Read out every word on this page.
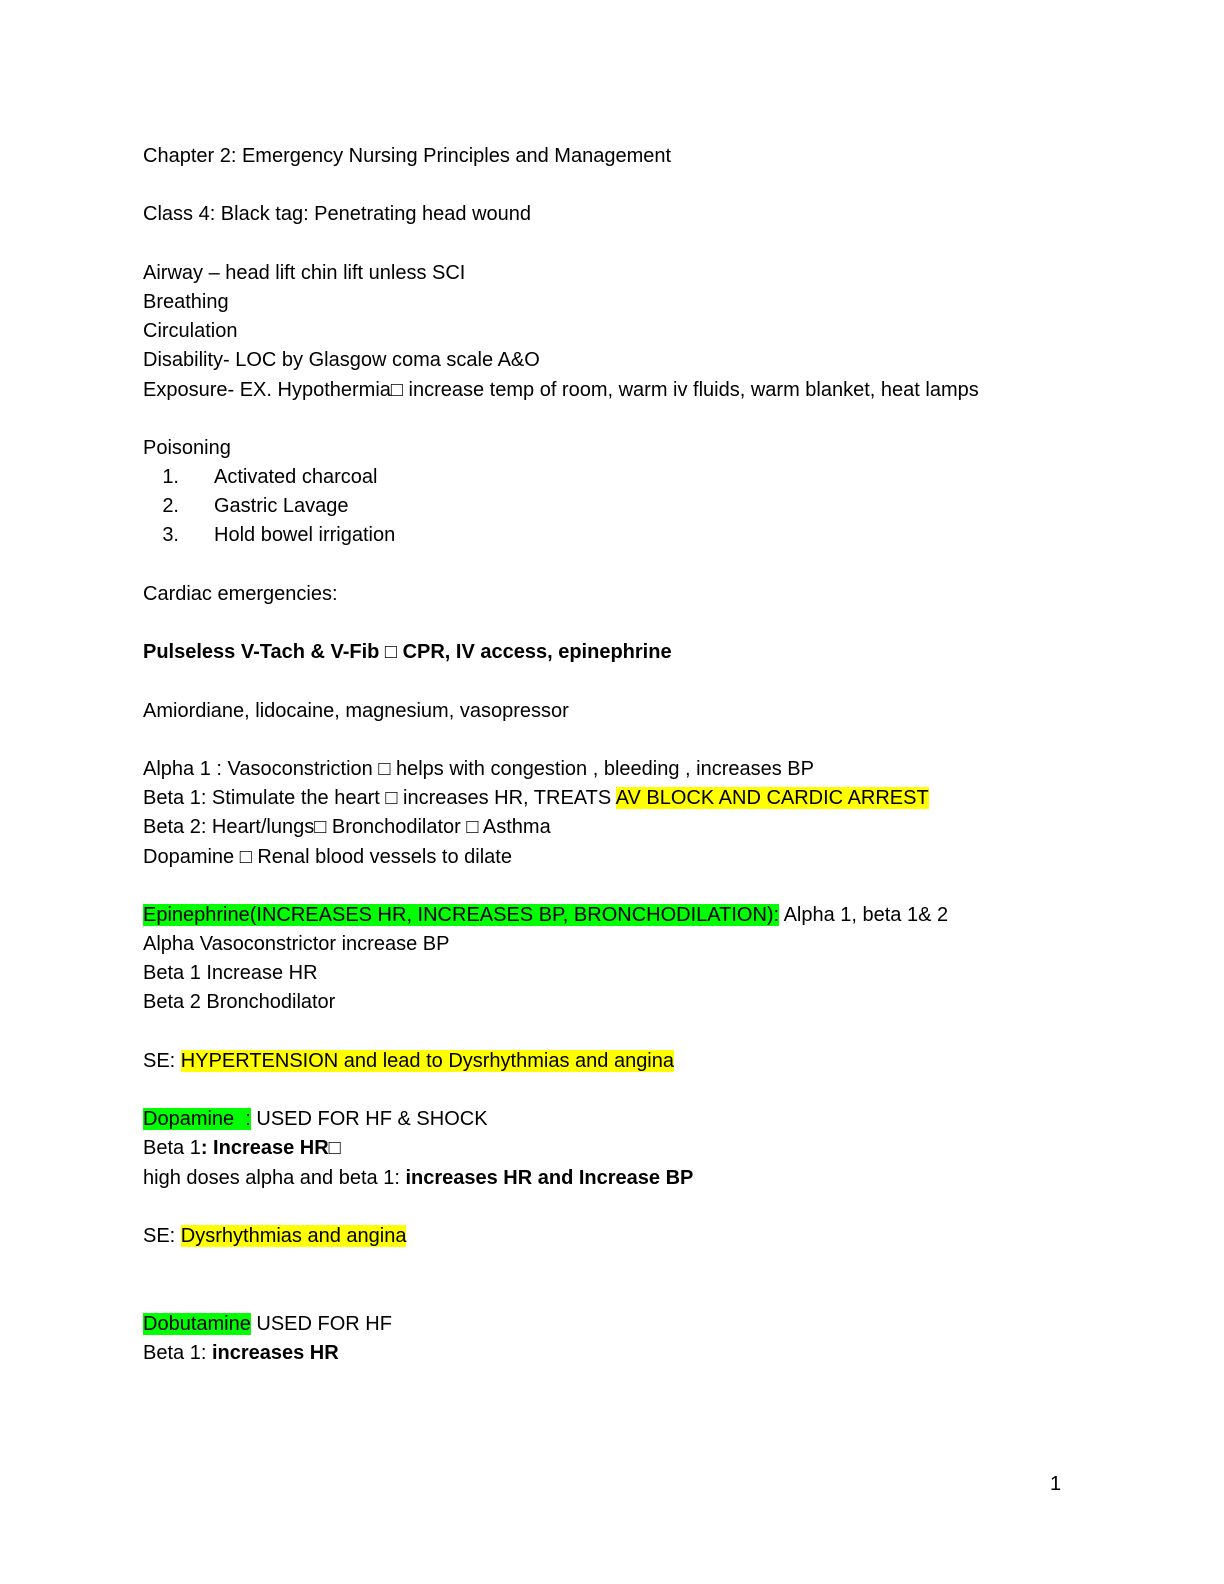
Chapter 2: Emergency Nursing Principles and Management
Class 4: Black tag: Penetrating head wound
Airway – head lift chin lift unless SCI
Breathing
Circulation
Disability- LOC by Glasgow coma scale A&O
Exposure- EX. Hypothermia□ increase temp of room, warm iv fluids, warm blanket, heat lamps
Poisoning
1. Activated charcoal
2. Gastric Lavage
3. Hold bowel irrigation
Cardiac emergencies:
Pulseless V-Tach & V-Fib □ CPR, IV access, epinephrine
Amiordiane, lidocaine, magnesium, vasopressor
Alpha 1 : Vasoconstriction □ helps with congestion , bleeding , increases BP
Beta 1: Stimulate the heart □ increases HR, TREATS AV BLOCK AND CARDIC ARREST
Beta 2: Heart/lungs□ Bronchodilator □ Asthma
Dopamine □ Renal blood vessels to dilate
Epinephrine(INCREASES HR, INCREASES BP, BRONCHODILATION): Alpha 1, beta 1& 2
Alpha Vasoconstrictor increase BP
Beta 1 Increase HR
Beta 2 Bronchodilator
SE: HYPERTENSION and lead to Dysrhythmias and angina
Dopamine  : USED FOR HF & SHOCK
Beta 1: Increase HR□
high doses alpha and beta 1: increases HR and Increase BP
SE: Dysrhythmias and angina
Dobutamine USED FOR HF
Beta 1: increases HR
1
